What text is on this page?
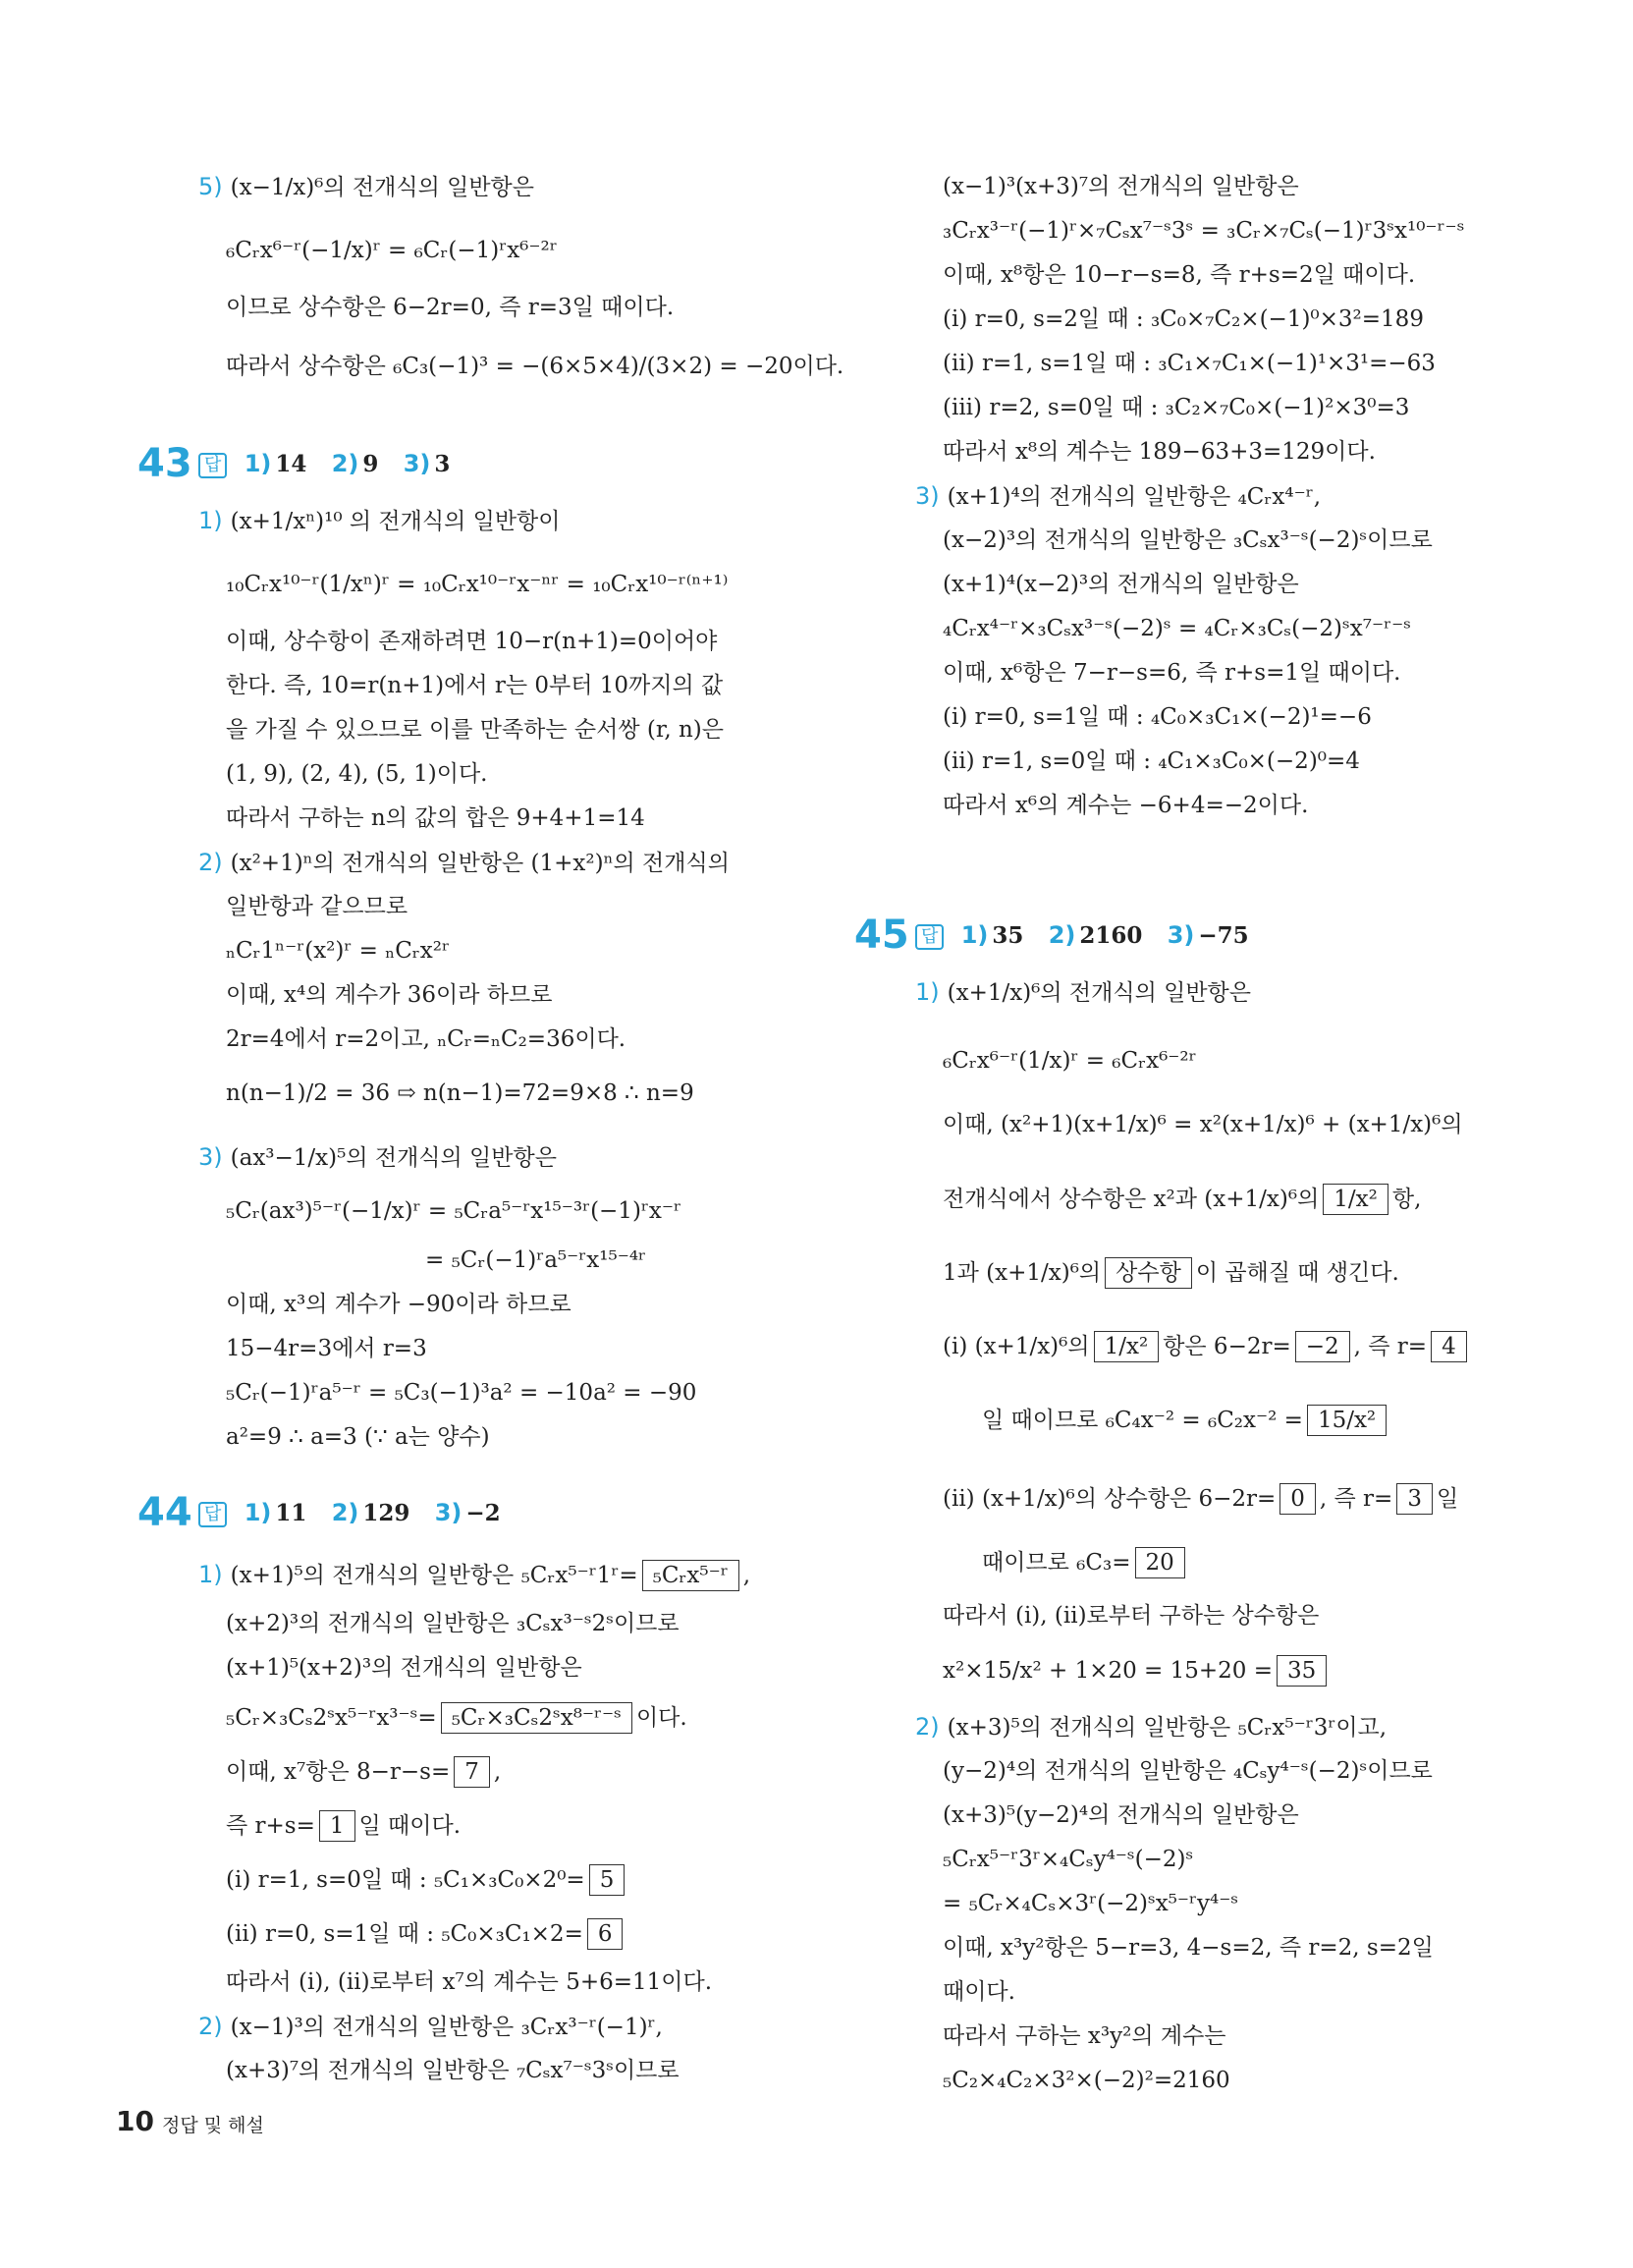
5) (x−1/x)⁶의 전개식의 일반항은
₆Cᵣx⁶⁻ʳ(−1/x)ʳ = ₆Cᵣ(−1)ʳx⁶⁻²ʳ
이므로 상수항은 6−2r=0, 즉 r=3일 때이다.
따라서 상수항은 ₆C₃(−1)³ = −(6×5×4)/(3×2) = −20이다.
43 답 1) 14 2) 9 3) 3
1) (x+1/xⁿ)¹⁰ 의 전개식의 일반항이
₁₀Cᵣx¹⁰⁻ʳ(1/xⁿ)ʳ = ₁₀Cᵣx¹⁰⁻ʳx⁻ⁿʳ = ₁₀Cᵣx¹⁰⁻ʳ⁽ⁿ⁺¹⁾
이때, 상수항이 존재하려면 10−r(n+1)=0이어야
한다. 즉, 10=r(n+1)에서 r는 0부터 10까지의 값
을 가질 수 있으므로 이를 만족하는 순서쌍 (r, n)은
(1, 9), (2, 4), (5, 1)이다.
따라서 구하는 n의 값의 합은 9+4+1=14
2) (x²+1)ⁿ의 전개식의 일반항은 (1+x²)ⁿ의 전개식의
일반항과 같으므로
ₙCᵣ1ⁿ⁻ʳ(x²)ʳ = ₙCᵣx²ʳ
이때, x⁴의 계수가 36이라 하므로
2r=4에서 r=2이고, ₙCᵣ=ₙC₂=36이다.
n(n−1)/2 = 36 ⇨ n(n−1)=72=9×8 ∴ n=9
3) (ax³−1/x)⁵의 전개식의 일반항은
₅Cᵣ(ax³)⁵⁻ʳ(−1/x)ʳ = ₅Cᵣa⁵⁻ʳx¹⁵⁻³ʳ(−1)ʳx⁻ʳ
= ₅Cᵣ(−1)ʳa⁵⁻ʳx¹⁵⁻⁴ʳ
이때, x³의 계수가 −90이라 하므로
15−4r=3에서 r=3
₅Cᵣ(−1)ʳa⁵⁻ʳ = ₅C₃(−1)³a² = −10a² = −90
a²=9 ∴ a=3 (∵ a는 양수)
44 답 1) 11 2) 129 3) −2
1) (x+1)⁵의 전개식의 일반항은 ₅Cᵣx⁵⁻ʳ1ʳ= ₅Cᵣx⁵⁻ʳ ,
(x+2)³의 전개식의 일반항은 ₃Cₛx³⁻ˢ2ˢ이므로
(x+1)⁵(x+2)³의 전개식의 일반항은
₅Cᵣ×₃Cₛ2ˢx⁵⁻ʳx³⁻ˢ= ₅Cᵣ×₃Cₛ2ˢx⁸⁻ʳ⁻ˢ 이다.
이때, x⁷항은 8−r−s= 7 ,
즉 r+s= 1 일 때이다.
(i) r=1, s=0일 때 : ₅C₁×₃C₀×2⁰= 5
(ii) r=0, s=1일 때 : ₅C₀×₃C₁×2= 6
따라서 (i), (ii)로부터 x⁷의 계수는 5+6=11이다.
2) (x−1)³의 전개식의 일반항은 ₃Cᵣx³⁻ʳ(−1)ʳ,
(x+3)⁷의 전개식의 일반항은 ₇Cₛx⁷⁻ˢ3ˢ이므로
(x−1)³(x+3)⁷의 전개식의 일반항은
₃Cᵣx³⁻ʳ(−1)ʳ×₇Cₛx⁷⁻ˢ3ˢ = ₃Cᵣ×₇Cₛ(−1)ʳ3ˢx¹⁰⁻ʳ⁻ˢ
이때, x⁸항은 10−r−s=8, 즉 r+s=2일 때이다.
(i) r=0, s=2일 때 : ₃C₀×₇C₂×(−1)⁰×3²=189
(ii) r=1, s=1일 때 : ₃C₁×₇C₁×(−1)¹×3¹=−63
(iii) r=2, s=0일 때 : ₃C₂×₇C₀×(−1)²×3⁰=3
따라서 x⁸의 계수는 189−63+3=129이다.
3) (x+1)⁴의 전개식의 일반항은 ₄Cᵣx⁴⁻ʳ,
(x−2)³의 전개식의 일반항은 ₃Cₛx³⁻ˢ(−2)ˢ이므로
(x+1)⁴(x−2)³의 전개식의 일반항은
₄Cᵣx⁴⁻ʳ×₃Cₛx³⁻ˢ(−2)ˢ = ₄Cᵣ×₃Cₛ(−2)ˢx⁷⁻ʳ⁻ˢ
이때, x⁶항은 7−r−s=6, 즉 r+s=1일 때이다.
(i) r=0, s=1일 때 : ₄C₀×₃C₁×(−2)¹=−6
(ii) r=1, s=0일 때 : ₄C₁×₃C₀×(−2)⁰=4
따라서 x⁶의 계수는 −6+4=−2이다.
45 답 1) 35 2) 2160 3) −75
1) (x+1/x)⁶의 전개식의 일반항은
₆Cᵣx⁶⁻ʳ(1/x)ʳ = ₆Cᵣx⁶⁻²ʳ
이때, (x²+1)(x+1/x)⁶ = x²(x+1/x)⁶ + (x+1/x)⁶의
전개식에서 상수항은 x²과 (x+1/x)⁶의 1/x² 항,
1과 (x+1/x)⁶의 상수항 이 곱해질 때 생긴다.
(i) (x+1/x)⁶의 1/x² 항은 6−2r= −2 , 즉 r= 4
일 때이므로 ₆C₄x⁻² = ₆C₂x⁻² = 15/x²
(ii) (x+1/x)⁶의 상수항은 6−2r= 0 , 즉 r= 3 일
때이므로 ₆C₃= 20
따라서 (i), (ii)로부터 구하는 상수항은
x²×15/x² + 1×20 = 15+20 = 35
2) (x+3)⁵의 전개식의 일반항은 ₅Cᵣx⁵⁻ʳ3ʳ이고,
(y−2)⁴의 전개식의 일반항은 ₄Cₛy⁴⁻ˢ(−2)ˢ이므로
(x+3)⁵(y−2)⁴의 전개식의 일반항은
₅Cᵣx⁵⁻ʳ3ʳ×₄Cₛy⁴⁻ˢ(−2)ˢ
= ₅Cᵣ×₄Cₛ×3ʳ(−2)ˢx⁵⁻ʳy⁴⁻ˢ
이때, x³y²항은 5−r=3, 4−s=2, 즉 r=2, s=2일
때이다.
따라서 구하는 x³y²의 계수는
₅C₂×₄C₂×3²×(−2)²=2160
10 정답 및 해설
